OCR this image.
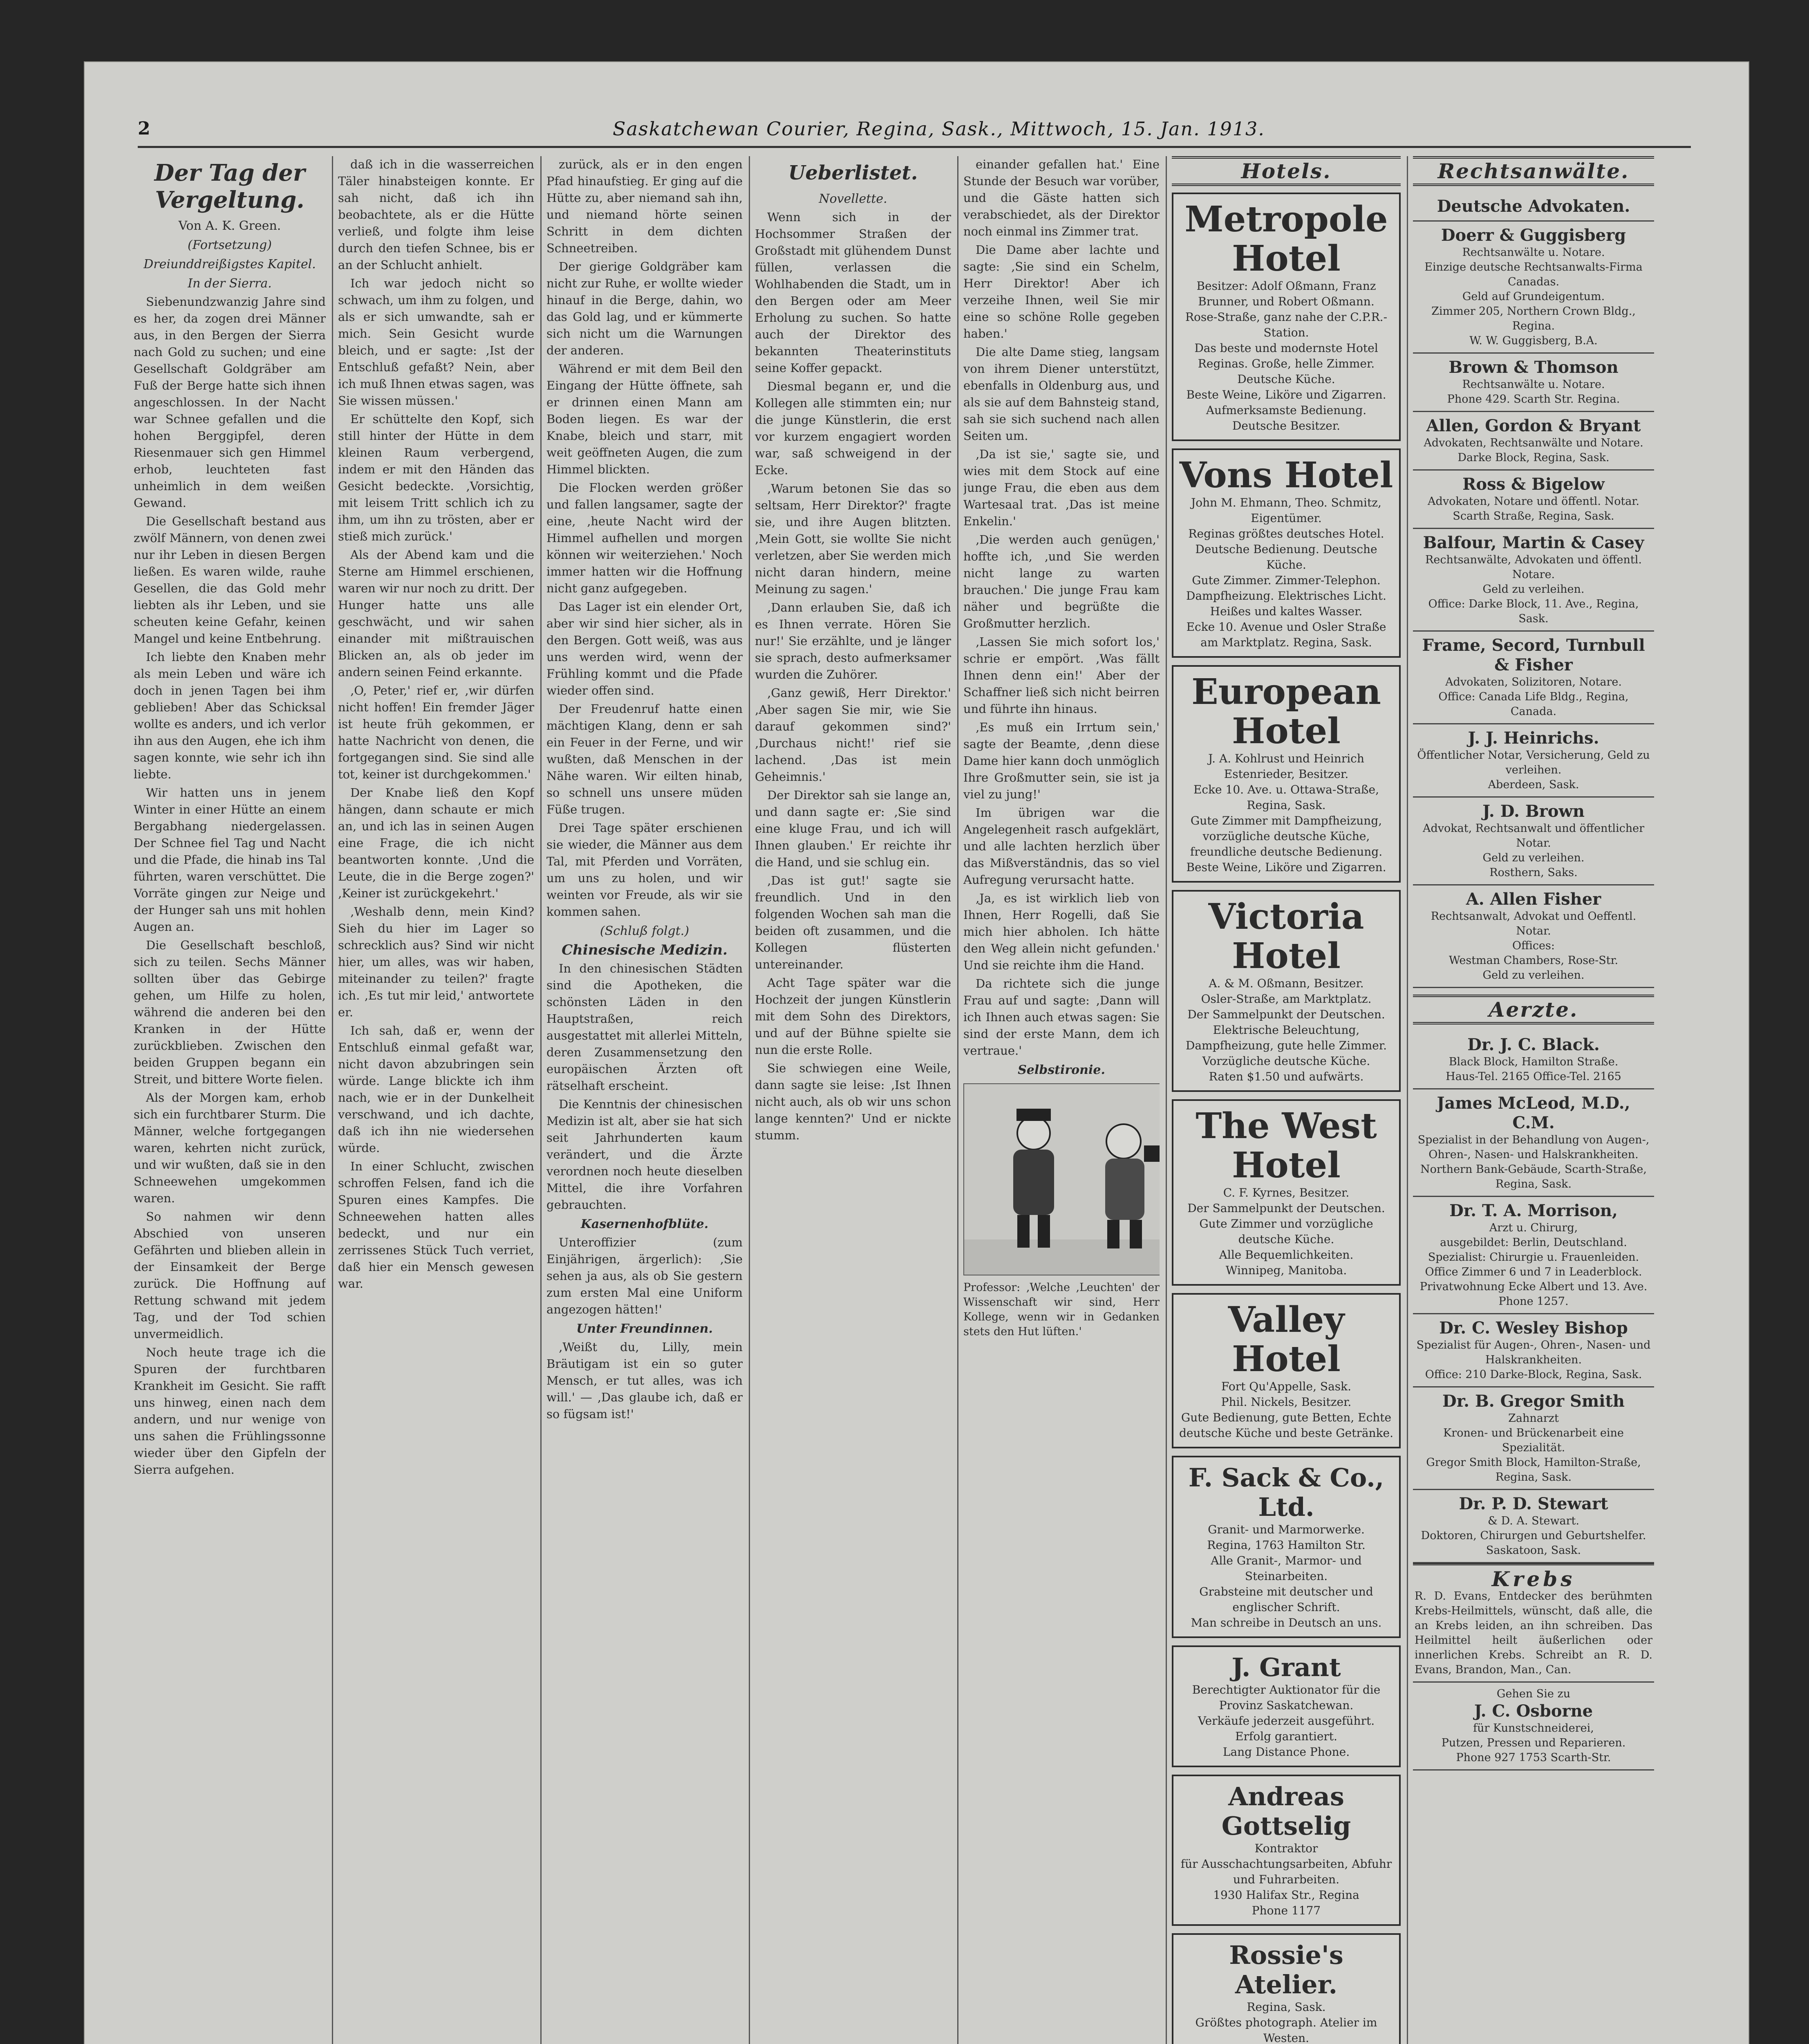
2	Saskatchewan Courier, Regina, Sask., Mittwoch, 15. Jan. 1913.
Der Tag der Vergeltung.

Von A. K. Green.

(Fortsetzung)

Dreiunddreißigstes Kapitel.

In der Sierra.

Siebenundzwanzig Jahre sind es her, da zogen drei Männer aus, in den Bergen der Sierra nach Gold zu suchen; und eine Gesellschaft Goldgräber am Fuß der Berge hatte sich ihnen angeschlossen. In der Nacht war Schnee gefallen und die hohen Berggipfel, deren Riesenmauer sich gen Himmel erhob, leuchteten fast unheimlich in dem weißen Gewand.

Die Gesellschaft bestand aus zwölf Männern, von denen zwei nur ihr Leben in diesen Bergen ließen. Es waren wilde, rauhe Gesellen, die das Gold mehr liebten als ihr Leben, und sie scheuten keine Gefahr, keinen Mangel und keine Entbehrung.

Ich liebte den Knaben mehr als mein Leben und wäre ich doch in jenen Tagen bei ihm geblieben! Aber das Schicksal wollte es anders, und ich verlor ihn aus den Augen, ehe ich ihm sagen konnte, wie sehr ich ihn liebte.

Wir hatten uns in jenem Winter in einer Hütte an einem Bergabhang niedergelassen. Der Schnee fiel Tag und Nacht und die Pfade, die hinab ins Tal führten, waren verschüttet. Die Vorräte gingen zur Neige und der Hunger sah uns mit hohlen Augen an.

Die Gesellschaft beschloß, sich zu teilen. Sechs Männer sollten über das Gebirge gehen, um Hilfe zu holen, während die anderen bei den Kranken in der Hütte zurückblieben. Zwischen den beiden Gruppen begann ein Streit, und bittere Worte fielen.

Als der Morgen kam, erhob sich ein furchtbarer Sturm. Die Männer, welche fortgegangen waren, kehrten nicht zurück, und wir wußten, daß sie in den Schneewehen umgekommen waren.

So nahmen wir denn Abschied von unseren Gefährten und blieben allein in der Einsamkeit der Berge zurück. Die Hoffnung auf Rettung schwand mit jedem Tag, und der Tod schien unvermeidlich.

Noch heute trage ich die Spuren der furchtbaren Krankheit im Gesicht. Sie rafft uns hinweg, einen nach dem andern, und nur wenige von uns sahen die Frühlingssonne wieder über den Gipfeln der Sierra aufgehen.

daß ich in die wasserreichen Täler hinabsteigen konnte. Er sah nicht, daß ich ihn beobachtete, als er die Hütte verließ, und folgte ihm leise durch den tiefen Schnee, bis er an der Schlucht anhielt.

Ich war jedoch nicht so schwach, um ihm zu folgen, und als er sich umwandte, sah er mich. Sein Gesicht wurde bleich, und er sagte: ‚Ist der Entschluß gefaßt? Nein, aber ich muß Ihnen etwas sagen, was Sie wissen müssen.'

Er schüttelte den Kopf, sich still hinter der Hütte in dem kleinen Raum verbergend, indem er mit den Händen das Gesicht bedeckte. ‚Vorsichtig, mit leisem Tritt schlich ich zu ihm, um ihn zu trösten, aber er stieß mich zurück.'

Als der Abend kam und die Sterne am Himmel erschienen, waren wir nur noch zu dritt. Der Hunger hatte uns alle geschwächt, und wir sahen einander mit mißtrauischen Blicken an, als ob jeder im andern seinen Feind erkannte.

‚O, Peter,' rief er, ‚wir dürfen nicht hoffen! Ein fremder Jäger ist heute früh gekommen, er hatte Nachricht von denen, die fortgegangen sind. Sie sind alle tot, keiner ist durchgekommen.'

Der Knabe ließ den Kopf hängen, dann schaute er mich an, und ich las in seinen Augen eine Frage, die ich nicht beantworten konnte. ‚Und die Leute, die in die Berge zogen?' ‚Keiner ist zurückgekehrt.'

‚Weshalb denn, mein Kind? Sieh du hier im Lager so schrecklich aus? Sind wir nicht hier, um alles, was wir haben, miteinander zu teilen?' fragte ich. ‚Es tut mir leid,' antwortete er.

Ich sah, daß er, wenn der Entschluß einmal gefaßt war, nicht davon abzubringen sein würde. Lange blickte ich ihm nach, wie er in der Dunkelheit verschwand, und ich dachte, daß ich ihn nie wiedersehen würde.

In einer Schlucht, zwischen schroffen Felsen, fand ich die Spuren eines Kampfes. Die Schneewehen hatten alles bedeckt, und nur ein zerrissenes Stück Tuch verriet, daß hier ein Mensch gewesen war.

zurück, als er in den engen Pfad hinaufstieg. Er ging auf die Hütte zu, aber niemand sah ihn, und niemand hörte seinen Schritt in dem dichten Schneetreiben.

Der gierige Goldgräber kam nicht zur Ruhe, er wollte wieder hinauf in die Berge, dahin, wo das Gold lag, und er kümmerte sich nicht um die Warnungen der anderen.

Während er mit dem Beil den Eingang der Hütte öffnete, sah er drinnen einen Mann am Boden liegen. Es war der Knabe, bleich und starr, mit weit geöffneten Augen, die zum Himmel blickten.

Die Flocken werden größer und fallen langsamer, sagte der eine, ‚heute Nacht wird der Himmel aufhellen und morgen können wir weiterziehen.' Noch immer hatten wir die Hoffnung nicht ganz aufgegeben.

Das Lager ist ein elender Ort, aber wir sind hier sicher, als in den Bergen. Gott weiß, was aus uns werden wird, wenn der Frühling kommt und die Pfade wieder offen sind.

Der Freudenruf hatte einen mächtigen Klang, denn er sah ein Feuer in der Ferne, und wir wußten, daß Menschen in der Nähe waren. Wir eilten hinab, so schnell uns unsere müden Füße trugen.

Drei Tage später erschienen sie wieder, die Männer aus dem Tal, mit Pferden und Vorräten, um uns zu holen, und wir weinten vor Freude, als wir sie kommen sahen.

(Schluß folgt.)

Chinesische Medizin.

In den chinesischen Städten sind die Apotheken, die schönsten Läden in den Hauptstraßen, reich ausgestattet mit allerlei Mitteln, deren Zusammensetzung den europäischen Ärzten oft rätselhaft erscheint.

Die Kenntnis der chinesischen Medizin ist alt, aber sie hat sich seit Jahrhunderten kaum verändert, und die Ärzte verordnen noch heute dieselben Mittel, die ihre Vorfahren gebrauchten.

Kasernenhofblüte.

Unteroffizier (zum Einjährigen, ärgerlich): ‚Sie sehen ja aus, als ob Sie gestern zum ersten Mal eine Uniform angezogen hätten!'

Unter Freundinnen.

‚Weißt du, Lilly, mein Bräutigam ist ein so guter Mensch, er tut alles, was ich will.' — ‚Das glaube ich, daß er so fügsam ist!'

Ueberlistet.

Novellette.

Wenn sich in der Hochsommer Straßen der Großstadt mit glühendem Dunst füllen, verlassen die Wohlhabenden die Stadt, um in den Bergen oder am Meer Erholung zu suchen. So hatte auch der Direktor des bekannten Theaterinstituts seine Koffer gepackt.

Diesmal begann er, und die Kollegen alle stimmten ein; nur die junge Künstlerin, die erst vor kurzem engagiert worden war, saß schweigend in der Ecke.

‚Warum betonen Sie das so seltsam, Herr Direktor?' fragte sie, und ihre Augen blitzten. ‚Mein Gott, sie wollte Sie nicht verletzen, aber Sie werden mich nicht daran hindern, meine Meinung zu sagen.'

‚Dann erlauben Sie, daß ich es Ihnen verrate. Hören Sie nur!' Sie erzählte, und je länger sie sprach, desto aufmerksamer wurden die Zuhörer.

‚Ganz gewiß, Herr Direktor.' ‚Aber sagen Sie mir, wie Sie darauf gekommen sind?' ‚Durchaus nicht!' rief sie lachend. ‚Das ist mein Geheimnis.'

Der Direktor sah sie lange an, und dann sagte er: ‚Sie sind eine kluge Frau, und ich will Ihnen glauben.' Er reichte ihr die Hand, und sie schlug ein.

‚Das ist gut!' sagte sie freundlich. Und in den folgenden Wochen sah man die beiden oft zusammen, und die Kollegen flüsterten untereinander.

Acht Tage später war die Hochzeit der jungen Künstlerin mit dem Sohn des Direktors, und auf der Bühne spielte sie nun die erste Rolle.

Sie schwiegen eine Weile, dann sagte sie leise: ‚Ist Ihnen nicht auch, als ob wir uns schon lange kennten?' Und er nickte stumm.

einander gefallen hat.' Eine Stunde der Besuch war vorüber, und die Gäste hatten sich verabschiedet, als der Direktor noch einmal ins Zimmer trat.

Die Dame aber lachte und sagte: ‚Sie sind ein Schelm, Herr Direktor! Aber ich verzeihe Ihnen, weil Sie mir eine so schöne Rolle gegeben haben.'

Die alte Dame stieg, langsam von ihrem Diener unterstützt, ebenfalls in Oldenburg aus, und als sie auf dem Bahnsteig stand, sah sie sich suchend nach allen Seiten um.

‚Da ist sie,' sagte sie, und wies mit dem Stock auf eine junge Frau, die eben aus dem Wartesaal trat. ‚Das ist meine Enkelin.'

‚Die werden auch genügen,' hoffte ich, ‚und Sie werden nicht lange zu warten brauchen.' Die junge Frau kam näher und begrüßte die Großmutter herzlich.

‚Lassen Sie mich sofort los,' schrie er empört. ‚Was fällt Ihnen denn ein!' Aber der Schaffner ließ sich nicht beirren und führte ihn hinaus.

‚Es muß ein Irrtum sein,' sagte der Beamte, ‚denn diese Dame hier kann doch unmöglich Ihre Großmutter sein, sie ist ja viel zu jung!'

Im übrigen war die Angelegenheit rasch aufgeklärt, und alle lachten herzlich über das Mißverständnis, das so viel Aufregung verursacht hatte.

‚Ja, es ist wirklich lieb von Ihnen, Herr Rogelli, daß Sie mich hier abholen. Ich hätte den Weg allein nicht gefunden.' Und sie reichte ihm die Hand.

Da richtete sich die junge Frau auf und sagte: ‚Dann will ich Ihnen auch etwas sagen: Sie sind der erste Mann, dem ich vertraue.'

Selbstironie.

Professor: ‚Welche ‚Leuchten' der Wissenschaft wir sind, Herr Kollege, wenn wir in Gedanken stets den Hut lüften.'

Hotels.
Metropole Hotel
Besitzer: Adolf Oßmann, Franz Brunner, und Robert Oßmann.
Rose-Straße, ganz nahe der C.P.R.-Station.
Das beste und modernste Hotel Reginas. Große, helle Zimmer.
Deutsche Küche.
Beste Weine, Liköre und Zigarren.
Aufmerksamste Bedienung.
Deutsche Besitzer.
Vons Hotel
John M. Ehmann, Theo. Schmitz, Eigentümer.
Reginas größtes deutsches Hotel.
Deutsche Bedienung. Deutsche Küche.
Gute Zimmer. Zimmer-Telephon.
Dampfheizung. Elektrisches Licht.
Heißes und kaltes Wasser.
Ecke 10. Avenue und Osler Straße am Marktplatz. Regina, Sask.
European Hotel
J. A. Kohlrust und Heinrich Estenrieder, Besitzer.
Ecke 10. Ave. u. Ottawa-Straße, Regina, Sask.
Gute Zimmer mit Dampfheizung, vorzügliche deutsche Küche, freundliche deutsche Bedienung.
Beste Weine, Liköre und Zigarren.
Victoria Hotel
A. & M. Oßmann, Besitzer.
Osler-Straße, am Marktplatz.
Der Sammelpunkt der Deutschen.
Elektrische Beleuchtung, Dampfheizung, gute helle Zimmer. Vorzügliche deutsche Küche.
Raten $1.50 und aufwärts.
The West Hotel
C. F. Kyrnes, Besitzer.
Der Sammelpunkt der Deutschen.
Gute Zimmer und vorzügliche deutsche Küche.
Alle Bequemlichkeiten.
Winnipeg, Manitoba.
Valley Hotel
Fort Qu'Appelle, Sask.
Phil. Nickels, Besitzer.
Gute Bedienung, gute Betten, Echte deutsche Küche und beste Getränke.
F. Sack & Co., Ltd.
Granit- und Marmorwerke.
Regina, 1763 Hamilton Str.
Alle Granit-, Marmor- und Steinarbeiten.
Grabsteine mit deutscher und englischer Schrift.
Man schreibe in Deutsch an uns.
J. Grant
Berechtigter Auktionator für die Provinz Saskatchewan.
Verkäufe jederzeit ausgeführt. Erfolg garantiert.
Lang Distance Phone.
Andreas Gottselig
Kontraktor
für Ausschachtungsarbeiten, Abfuhr und Fuhrarbeiten.
1930 Halifax Str., Regina
Phone 1177
Rossie's Atelier.
Regina, Sask.
Größtes photograph. Atelier im Westen.
Rechtsanwälte.
Deutsche Advokaten.
Doerr & Guggisberg
Rechtsanwälte u. Notare.
Einzige deutsche Rechtsanwalts-Firma Canadas.
Geld auf Grundeigentum.
Zimmer 205, Northern Crown Bldg., Regina.
W. W. Guggisberg, B.A.
Brown & Thomson
Rechtsanwälte u. Notare.
Phone 429. Scarth Str. Regina.
Allen, Gordon & Bryant
Advokaten, Rechtsanwälte und Notare.
Darke Block, Regina, Sask.
Ross & Bigelow
Advokaten, Notare und öffentl. Notar.
Scarth Straße, Regina, Sask.
Balfour, Martin & Casey
Rechtsanwälte, Advokaten und öffentl. Notare.
Geld zu verleihen.
Office: Darke Block, 11. Ave., Regina, Sask.
Frame, Secord, Turnbull & Fisher
Advokaten, Solizitoren, Notare.
Office: Canada Life Bldg., Regina, Canada.
J. J. Heinrichs.
Öffentlicher Notar, Versicherung, Geld zu verleihen.
Aberdeen, Sask.
J. D. Brown
Advokat, Rechtsanwalt und öffentlicher Notar.
Geld zu verleihen.
Rosthern, Saks.
A. Allen Fisher
Rechtsanwalt, Advokat und Oeffentl. Notar.
Offices:
Westman Chambers, Rose-Str.
Geld zu verleihen.
Aerzte.
Dr. J. C. Black.
Black Block, Hamilton Straße.
Haus-Tel. 2165 Office-Tel. 2165
James McLeod, M.D., C.M.
Spezialist in der Behandlung von Augen-, Ohren-, Nasen- und Halskrankheiten.
Northern Bank-Gebäude, Scarth-Straße, Regina, Sask.
Dr. T. A. Morrison,
Arzt u. Chirurg,
ausgebildet: Berlin, Deutschland.
Spezialist: Chirurgie u. Frauenleiden. Office Zimmer 6 und 7 in Leaderblock. Privatwohnung Ecke Albert und 13. Ave. Phone 1257.
Dr. C. Wesley Bishop
Spezialist für Augen-, Ohren-, Nasen- und Halskrankheiten.
Office: 210 Darke-Block, Regina, Sask.
Dr. B. Gregor Smith
Zahnarzt
Kronen- und Brückenarbeit eine Spezialität.
Gregor Smith Block, Hamilton-Straße, Regina, Sask.
Dr. P. D. Stewart
& D. A. Stewart.
Doktoren, Chirurgen und Geburtshelfer.
Saskatoon, Sask.
Krebs
R. D. Evans, Entdecker des berühmten Krebs-Heilmittels, wünscht, daß alle, die an Krebs leiden, an ihn schreiben. Das Heilmittel heilt äußerlichen oder innerlichen Krebs. Schreibt an R. D. Evans, Brandon, Man., Can.
Gehen Sie zu
J. C. Osborne
für Kunstschneiderei,
Putzen, Pressen und Reparieren.
Phone 927 1753 Scarth-Str.
